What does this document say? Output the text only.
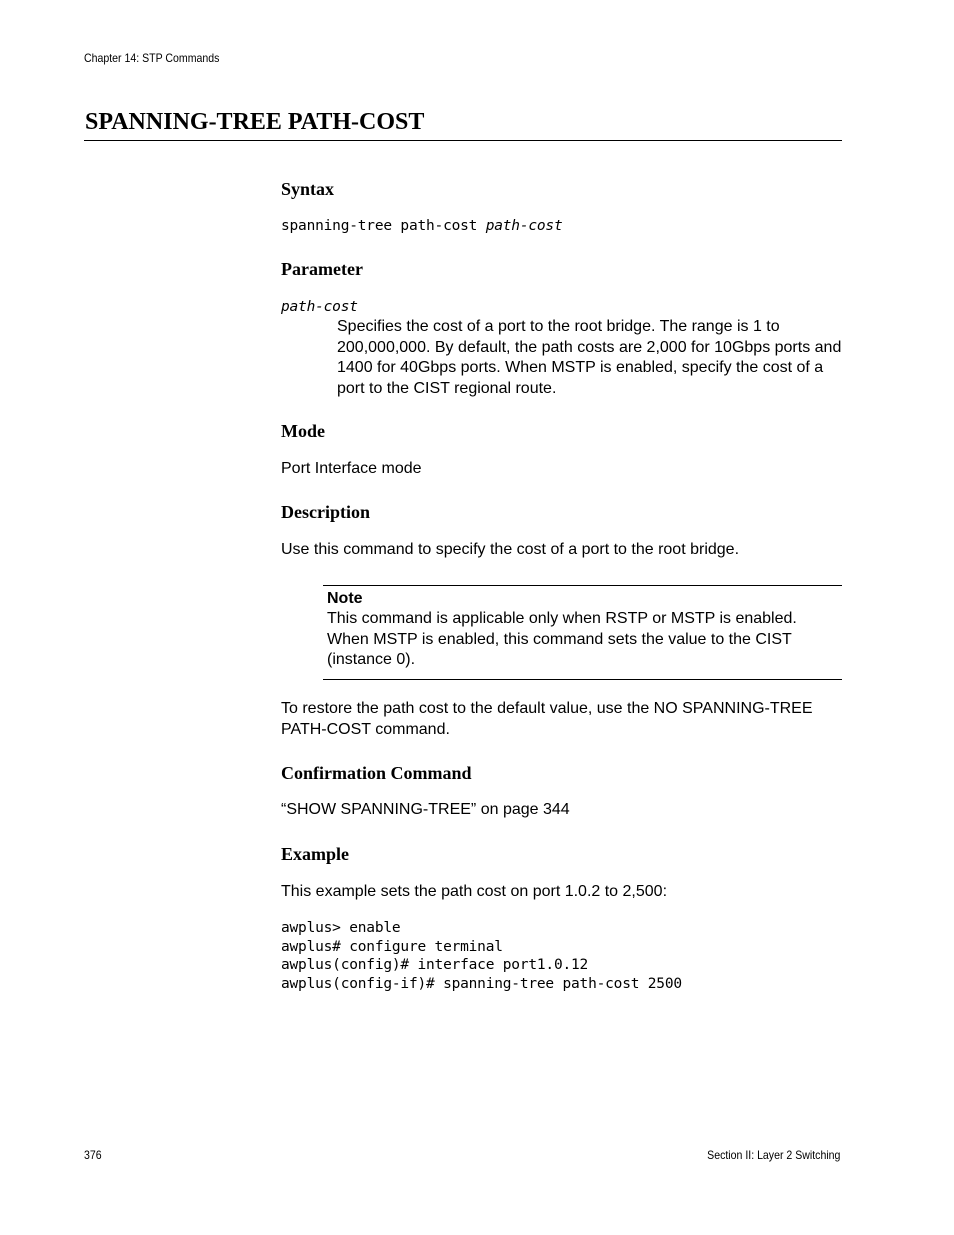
Chapter 14: STP Commands
SPANNING-TREE PATH-COST
Syntax
spanning-tree path-cost path-cost
Parameter
path-cost

Specifies the cost of a port to the root bridge. The range is 1 to 200,000,000. By default, the path costs are 2,000 for 10Gbps ports and 1400 for 40Gbps ports. When MSTP is enabled, specify the cost of a port to the CIST regional route.

Mode

Port Interface mode

Description

Use this command to specify the cost of a port to the root bridge.

Note

This command is applicable only when RSTP or MSTP is enabled. When MSTP is enabled, this command sets the value to the CIST (instance 0).

To restore the path cost to the default value, use the NO SPANNING-TREE PATH-COST command.

Confirmation Command

“SHOW SPANNING-TREE” on page 344

Example

This example sets the path cost on port 1.0.2 to 2,500:

awplus> enable
awplus# configure terminal
awplus(config)# interface port1.0.12
awplus(config-if)# spanning-tree path-cost 2500
376	Section II: Layer 2 Switching
